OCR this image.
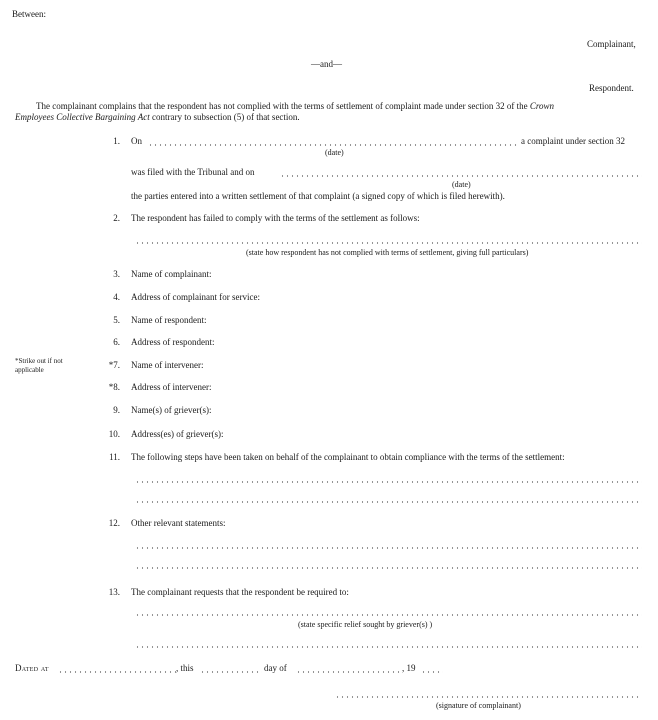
Between:
Complainant,
—and—
Respondent.
The complainant complains that the respondent has not complied with the terms of settlement of complaint made under section 32 of the Crown
Employees Collective Bargaining Act contrary to subsection (5) of that section.
1. On	a complaint under section 32
(date)
was filed with the Tribunal and on
(date)
the parties entered into a written settlement of that complaint (a signed copy of which is filed herewith).
2. The respondent has failed to comply with the terms of the settlement as follows:
(state how respondent has not complied with terms of settlement, giving full particulars)
3. Name of complainant:
4. Address of complainant for service:
5. Name of respondent:
6. Address of respondent:
*Strike out if not
applicable	*7. Name of intervener:
*8. Address of intervener:
9. Name(s) of griever(s):
10. Address(es) of griever(s):
11. The following steps have been taken on behalf of the complainant to obtain compliance with the terms of the settlement:
12. Other relevant statements:
13. The complainant requests that the respondent be required to:
(state specific relief sought by griever(s) )
Dated at	, this	day of	, 19
(signature of complainant)
